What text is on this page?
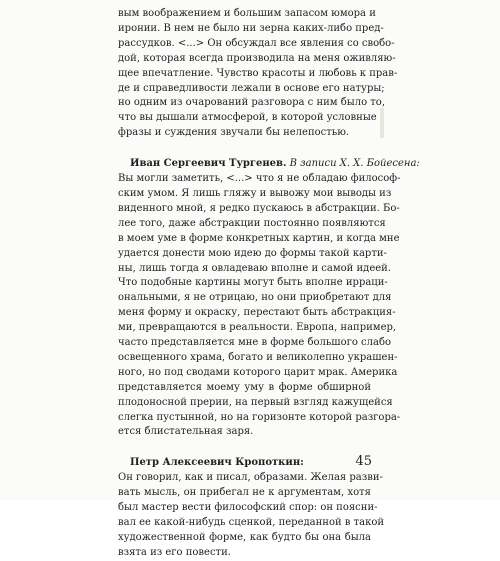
вым воображением и большим запасом юмора и
иронии. В нем не было ни зерна каких-либо пред-
рассудков. <...> Он обсуждал все явления со свобо-
дой, которая всегда производила на меня оживляю-
щее впечатление. Чувство красоты и любовь к прав-
де и справедливости лежали в основе его натуры;
но одним из очарований разговора с ним было то,
что вы дышали атмосферой, в которой условные
фразы и суждения звучали бы нелепостью.
Иван Сергеевич Тургенев. В записи Х. Х. Бойесена:
Вы могли заметить, <...> что я не обладаю философ-
ским умом. Я лишь гляжу и вывожу мои выводы из
виденного мной, я редко пускаюсь в абстракции. Бо-
лее того, даже абстракции постоянно появляются
в моем уме в форме конкретных картин, и когда мне
удается донести мою идею до формы такой карти-
ны, лишь тогда я овладеваю вполне и самой идеей.
Что подобные картины могут быть вполне ирраци-
ональными, я не отрицаю, но они приобретают для
меня форму и окраску, перестают быть абстракция-
ми, превращаются в реальности. Европа, например,
часто представляется мне в форме большого слабо
освещенного храма, богато и великолепно украшен-
ного, но под сводами которого царит мрак. Америка
представляется моему уму в форме обширной
плодоносной прерии, на первый взгляд кажущейся
слегка пустынной, но на горизонте которой разгора-
ется блистательная заря.
Петр Алексеевич Кропоткин:
Он говорил, как и писал, образами. Желая разви-
вать мысль, он прибегал не к аргументам, хотя
был мастер вести философский спор: он поясни-
вал ее какой-нибудь сценкой, переданной в такой
художественной форме, как будто бы она была
взята из его повести.
45
